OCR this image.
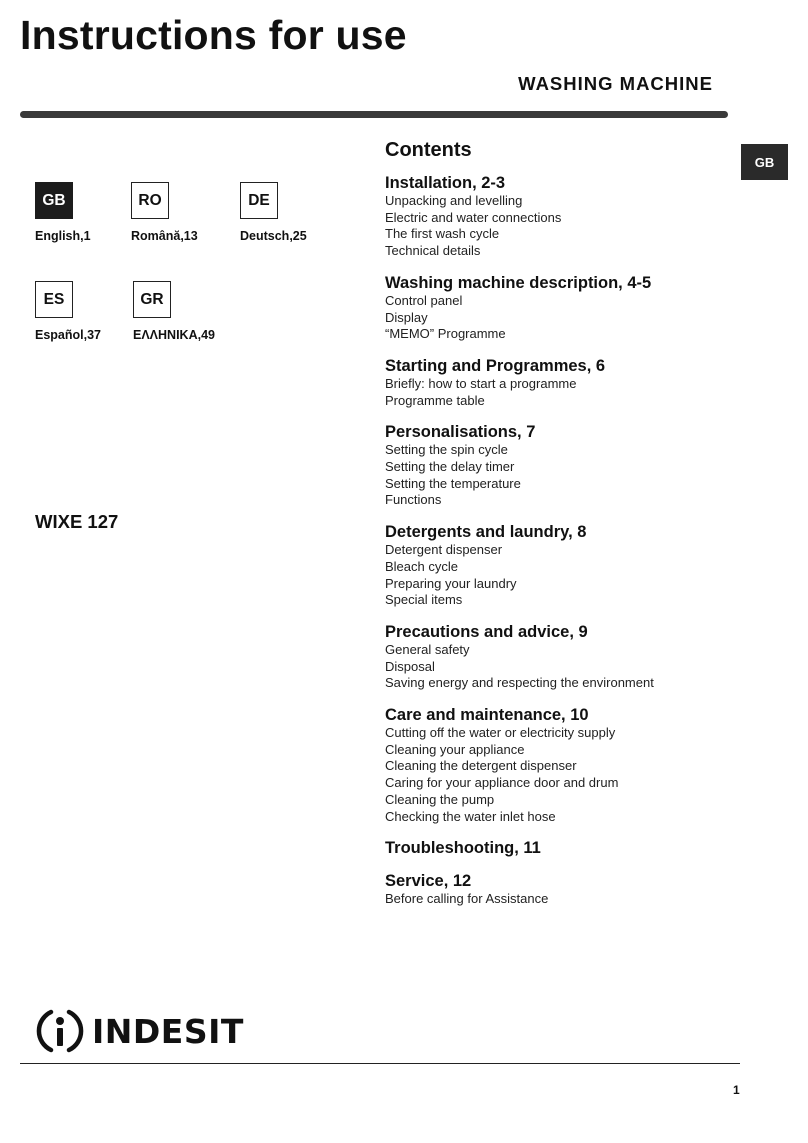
Instructions for use
WASHING MACHINE
GB
GB
English,1
RO
Română,13
DE
Deutsch,25
ES
Español,37
GR
ΕΛΛΗΝΙΚΑ,49
WIXE 127
Contents
Installation, 2-3
Unpacking and levelling
Electric and water connections
The first wash cycle
Technical details
Washing machine description, 4-5
Control panel
Display
“MEMO” Programme
Starting and Programmes, 6
Briefly: how to start a programme
Programme table
Personalisations, 7
Setting the spin cycle
Setting the delay timer
Setting the temperature
Functions
Detergents and laundry, 8
Detergent dispenser
Bleach cycle
Preparing your laundry
Special items
Precautions and advice, 9
General safety
Disposal
Saving energy and respecting the environment
Care and maintenance, 10
Cutting off the water or electricity supply
Cleaning your appliance
Cleaning the detergent dispenser
Caring for your appliance door and drum
Cleaning the pump
Checking the water inlet hose
Troubleshooting, 11
Service, 12
Before calling for Assistance
INDESIT
1
